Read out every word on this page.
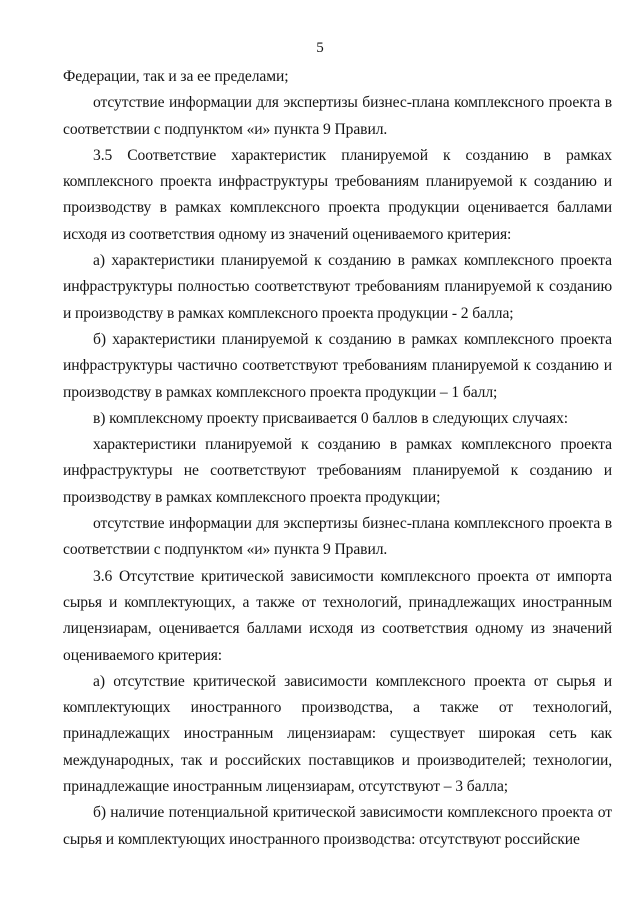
5

Федерации, так и за ее пределами;

отсутствие информации для экспертизы бизнес-плана комплексного проекта в соответствии с подпунктом «и» пункта 9 Правил.

3.5 Соответствие характеристик планируемой к созданию в рамках комплексного проекта инфраструктуры требованиям планируемой к созданию и производству в рамках комплексного проекта продукции оценивается баллами исходя из соответствия одному из значений оцениваемого критерия:

а) характеристики планируемой к созданию в рамках комплексного проекта инфраструктуры полностью соответствуют требованиям планируемой к созданию и производству в рамках комплексного проекта продукции - 2 балла;

б) характеристики планируемой к созданию в рамках комплексного проекта инфраструктуры частично соответствуют требованиям планируемой к созданию и производству в рамках комплексного проекта продукции – 1 балл;

в) комплексному проекту присваивается 0 баллов в следующих случаях:

характеристики планируемой к созданию в рамках комплексного проекта инфраструктуры не соответствуют требованиям планируемой к созданию и производству в рамках комплексного проекта продукции;

отсутствие информации для экспертизы бизнес-плана комплексного проекта в соответствии с подпунктом «и» пункта 9 Правил.

3.6 Отсутствие критической зависимости комплексного проекта от импорта сырья и комплектующих, а также от технологий, принадлежащих иностранным лицензиарам, оценивается баллами исходя из соответствия одному из значений оцениваемого критерия:

а) отсутствие критической зависимости комплексного проекта от сырья и комплектующих иностранного производства, а также от технологий, принадлежащих иностранным лицензиарам: существует широкая сеть как международных, так и российских поставщиков и производителей; технологии, принадлежащие иностранным лицензиарам, отсутствуют – 3 балла;

б) наличие потенциальной критической зависимости комплексного проекта от сырья и комплектующих иностранного производства: отсутствуют российские
